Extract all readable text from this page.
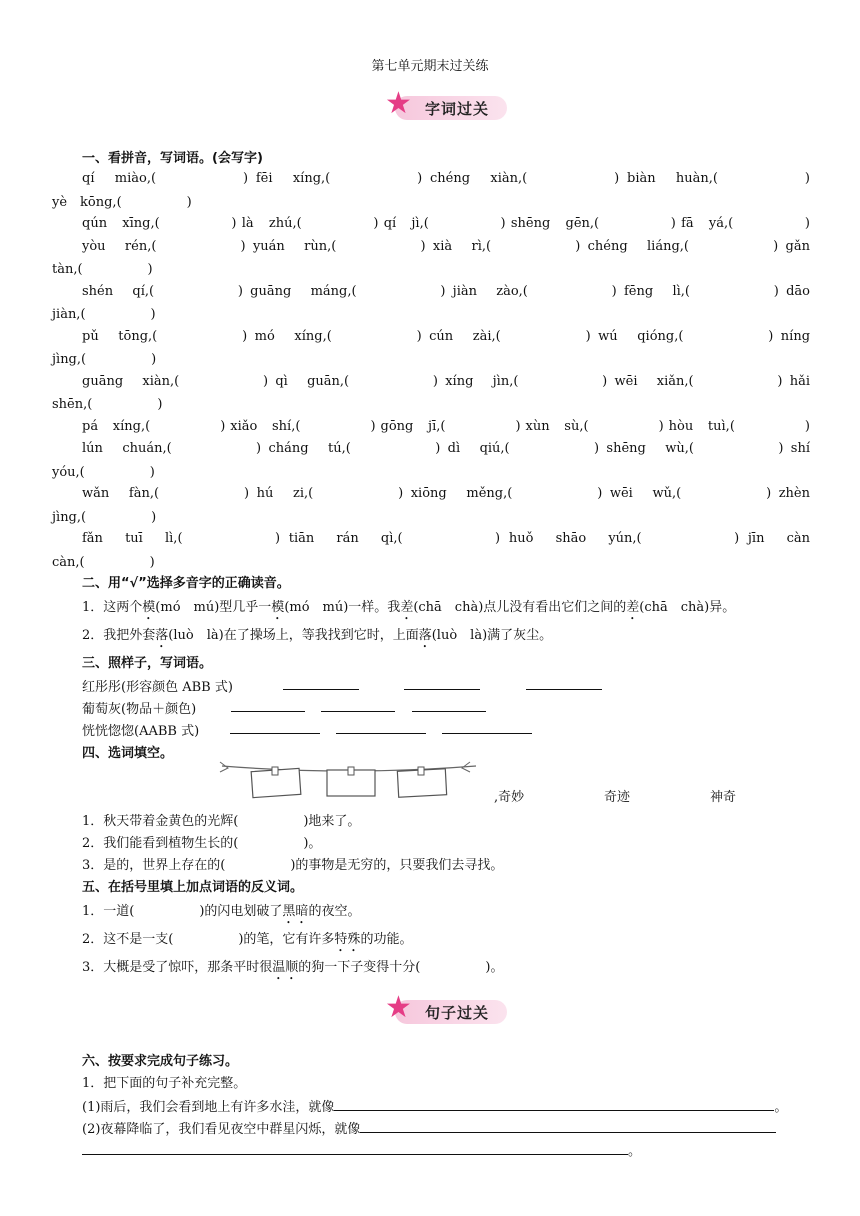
第七单元期末过关练
★ 字词过关
一、看拼音，写词语。(会写字)
qí　miào,(　　　　　) fēi　xíng,(　　　　　) chéng　xiàn,(　　　　　) biàn　huàn,(　　　　　)
yè　kōng,(　　　　　)
qún　xīng,(　　　　　) là　zhú,(　　　　　) qí　jì,(　　　　　) shēng　gēn,(　　　　　) fā　yá,(　　　　　)
yòu　rén,(　　　　　) yuán　rùn,(　　　　　) xià　rì,(　　　　　) chéng　liáng,(　　　　　) gǎn
tàn,(　　　　　)
shén　qí,(　　　　　) guāng　máng,(　　　　　) jiàn　zào,(　　　　　) fēng　lì,(　　　　　) dāo
jiàn,(　　　　　)
pǔ　tōng,(　　　　　) mó　xíng,(　　　　　) cún　zài,(　　　　　) wú　qióng,(　　　　　) níng
jìng,(　　　　　)
guāng　xiàn,(　　　　　) qì　guān,(　　　　　) xíng　jìn,(　　　　　) wēi　xiǎn,(　　　　　) hǎi
shēn,(　　　　　)
pá　xíng,(　　　　　) xiǎo　shí,(　　　　　) gōng　jī,(　　　　　) xùn　sù,(　　　　　) hòu　tuì,(　　　　　)
lún　chuán,(　　　　　) cháng　tú,(　　　　　) dì　qiú,(　　　　　) shēng　wù,(　　　　　) shí
yóu,(　　　　　)
wǎn　fàn,(　　　　　) hú　zi,(　　　　　) xiōng　měng,(　　　　　) wēi　wǔ,(　　　　　) zhèn
jìng,(　　　　　)
fǎn　tuī　lì,(　　　　　) tiān　rán　qì,(　　　　　) huǒ　shāo　yún,(　　　　　) jīn　càn
càn,(　　　　　)
二、用“√”选择多音字的正确读音。
1．这两个模(mó　mú)型几乎一模(mó　mú)一样。我差(chā　chà)点儿没有看出它们之间的差(chā　chà)异。
2．我把外套落(luò　là)在了操场上，等我找到它时，上面落(luò　là)满了灰尘。
三、照样子，写词语。
红彤彤(形容颜色 ABB 式)
葡萄灰(物品＋颜色)
恍恍惚惚(AABB 式)
四、选词填空。
,奇妙	奇迹	神奇
1．秋天带着金黄色的光辉(　　　　　)地来了。
2．我们能看到植物生长的(　　　　　)。
3．是的，世界上存在的(　　　　　)的事物是无穷的，只要我们去寻找。
五、在括号里填上加点词语的反义词。
1．一道(　　　　　)的闪电划破了黑暗的夜空。
2．这不是一支(　　　　　)的笔，它有许多特殊的功能。
3．大概是受了惊吓，那条平时很温顺的狗一下子变得十分(　　　　　)。
★ 句子过关
六、按要求完成句子练习。
1．把下面的句子补充完整。
(1)雨后，我们会看到地上有许多水洼，就像	。
(2)夜幕降临了，我们看见夜空中群星闪烁，就像
。
